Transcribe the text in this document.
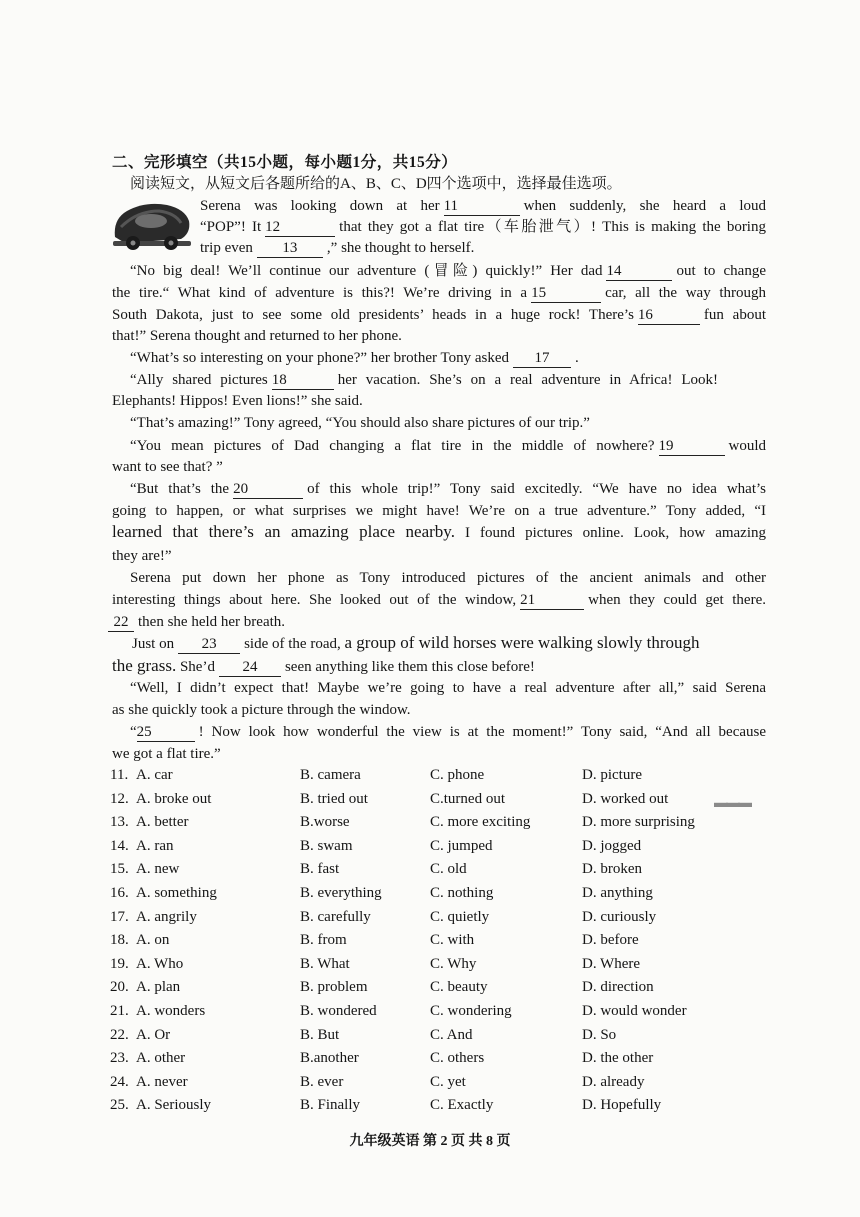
二、完形填空（共15小题，每小题1分，共15分）
阅读短文，从短文后各题所给的A、B、C、D四个选项中，选择最佳选项。
Serena was looking down at her 11	when suddenly, she heard a loud
“POP”! It 12	that they got a flat tire（车胎泄气）! This is making the boring
trip even 13 ,” she thought to herself.
“No big deal! We’ll continue our adventure (冒险) quickly!” Her dad 14	out to change
the tire.“ What kind of adventure is this?! We’re driving in a 15	car, all the way through
South Dakota, just to see some old presidents’ heads in a huge rock! There’s 16	fun about
that!” Serena thought and returned to her phone.
“What’s so interesting on your phone?” her brother Tony asked 17 .
“Ally shared pictures 18	her vacation. She’s on a real adventure in Africa! Look!
Elephants! Hippos! Even lions!” she said.
“That’s amazing!” Tony agreed, “You should also share pictures of our trip.”
“You mean pictures of Dad changing a flat tire in the middle of nowhere? 19	would
want to see that? ”
“But that’s the 20	of this whole trip!” Tony said excitedly. “We have no idea what’s
going to happen, or what surprises we might have! We’re on a true adventure.” Tony added, “I
learned that there’s an amazing place nearby. I found pictures online. Look, how amazing
they are!”
Serena put down her phone as Tony introduced pictures of the ancient animals and other
interesting things about here. She looked out of the window, 21	when they could get there.
22 then she held her breath.
Just on 23 side of the road, a group of wild horses were walking slowly through
the grass. She’d 24 seen anything like them this close before!
“Well, I didn’t expect that! Maybe we’re going to have a real adventure after all,” said Serena
as she quickly took a picture through the window.
“25	! Now look how wonderful the view is at the moment!” Tony said, “And all because
we got a flat tire.”
11. A. car	B. camera	C. phone	D. picture
12. A. broke out	B. tried out	C.turned out	D. worked out
13. A. better	B.worse	C. more exciting	D. more surprising
14. A. ran	B. swam	C. jumped	D. jogged
15. A. new	B. fast	C. old	D. broken
16. A. something	B. everything	C. nothing	D. anything
17. A. angrily	B. carefully	C. quietly	D. curiously
18. A. on	B. from	C. with	D. before
19. A. Who	B. What	C. Why	D. Where
20. A. plan	B. problem	C. beauty	D. direction
21. A. wonders	B. wondered	C. wondering	D. would wonder
22. A. Or	B. But	C. And	D. So
23. A. other	B.another	C. others	D. the other
24. A. never	B. ever	C. yet	D. already
25. A. Seriously	B. Finally	C. Exactly	D. Hopefully
▬▬▬
九年级英语 第 2 页 共 8 页
